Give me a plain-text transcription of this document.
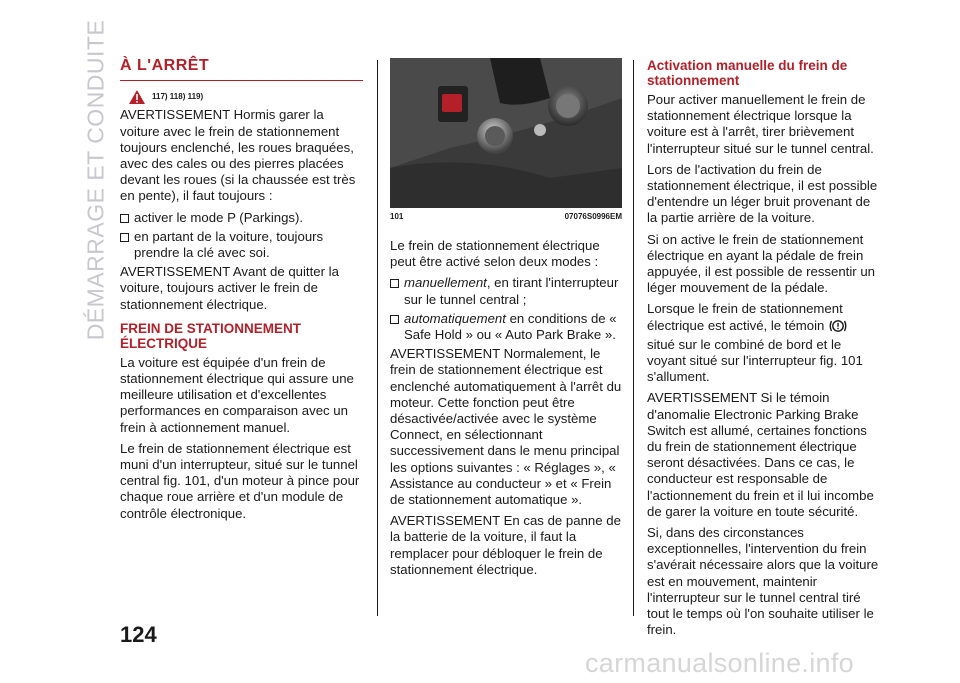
DÉMARRAGE ET CONDUITE À L'ARRÊT
117) 118) 119)

AVERTISSEMENT Hormis garer la voiture avec le frein de stationnement toujours enclenché, les roues braquées, avec des cales ou des pierres placées devant les roues (si la chaussée est très en pente), il faut toujours :

activer le mode P (Parkings).
en partant de la voiture, toujours prendre la clé avec soi.

AVERTISSEMENT Avant de quitter la voiture, toujours activer le frein de stationnement électrique.

FREIN DE STATIONNEMENT ÉLECTRIQUE

La voiture est équipée d'un frein de stationnement électrique qui assure une meilleure utilisation et d'excellentes performances en comparaison avec un frein à actionnement manuel.

Le frein de stationnement électrique est muni d'un interrupteur, situé sur le tunnel central fig. 101, d'un moteur à pince pour chaque roue arrière et d'un module de contrôle électronique.

101	07076S0996EM

Le frein de stationnement électrique peut être activé selon deux modes :

manuellement, en tirant l'interrupteur sur le tunnel central ;
automatiquement en conditions de « Safe Hold » ou « Auto Park Brake ».

AVERTISSEMENT Normalement, le frein de stationnement électrique est enclenché automatiquement à l'arrêt du moteur. Cette fonction peut être désactivée/activée avec le système Connect, en sélectionnant successivement dans le menu principal les options suivantes : « Réglages », « Assistance au conducteur » et « Frein de stationnement automatique ».

AVERTISSEMENT En cas de panne de la batterie de la voiture, il faut la remplacer pour débloquer le frein de stationnement électrique.

Activation manuelle du frein de stationnement

Pour activer manuellement le frein de stationnement électrique lorsque la voiture est à l'arrêt, tirer brièvement l'interrupteur situé sur le tunnel central.

Lors de l'activation du frein de stationnement électrique, il est possible d'entendre un léger bruit provenant de la partie arrière de la voiture.

Si on active le frein de stationnement électrique en ayant la pédale de frein appuyée, il est possible de ressentir un léger mouvement de la pédale.

Lorsque le frein de stationnement électrique est activé, le témoin  situé sur le combiné de bord et le voyant situé sur l'interrupteur fig. 101 s'allument.

AVERTISSEMENT Si le témoin d'anomalie Electronic Parking Brake Switch est allumé, certaines fonctions du frein de stationnement électrique seront désactivées. Dans ce cas, le conducteur est responsable de l'actionnement du frein et il lui incombe de garer la voiture en toute sécurité.

Si, dans des circonstances exceptionnelles, l'intervention du frein s'avérait nécessaire alors que la voiture est en mouvement, maintenir l'interrupteur sur le tunnel central tiré tout le temps où l'on souhaite utiliser le frein.

124
carmanualsonline.info
